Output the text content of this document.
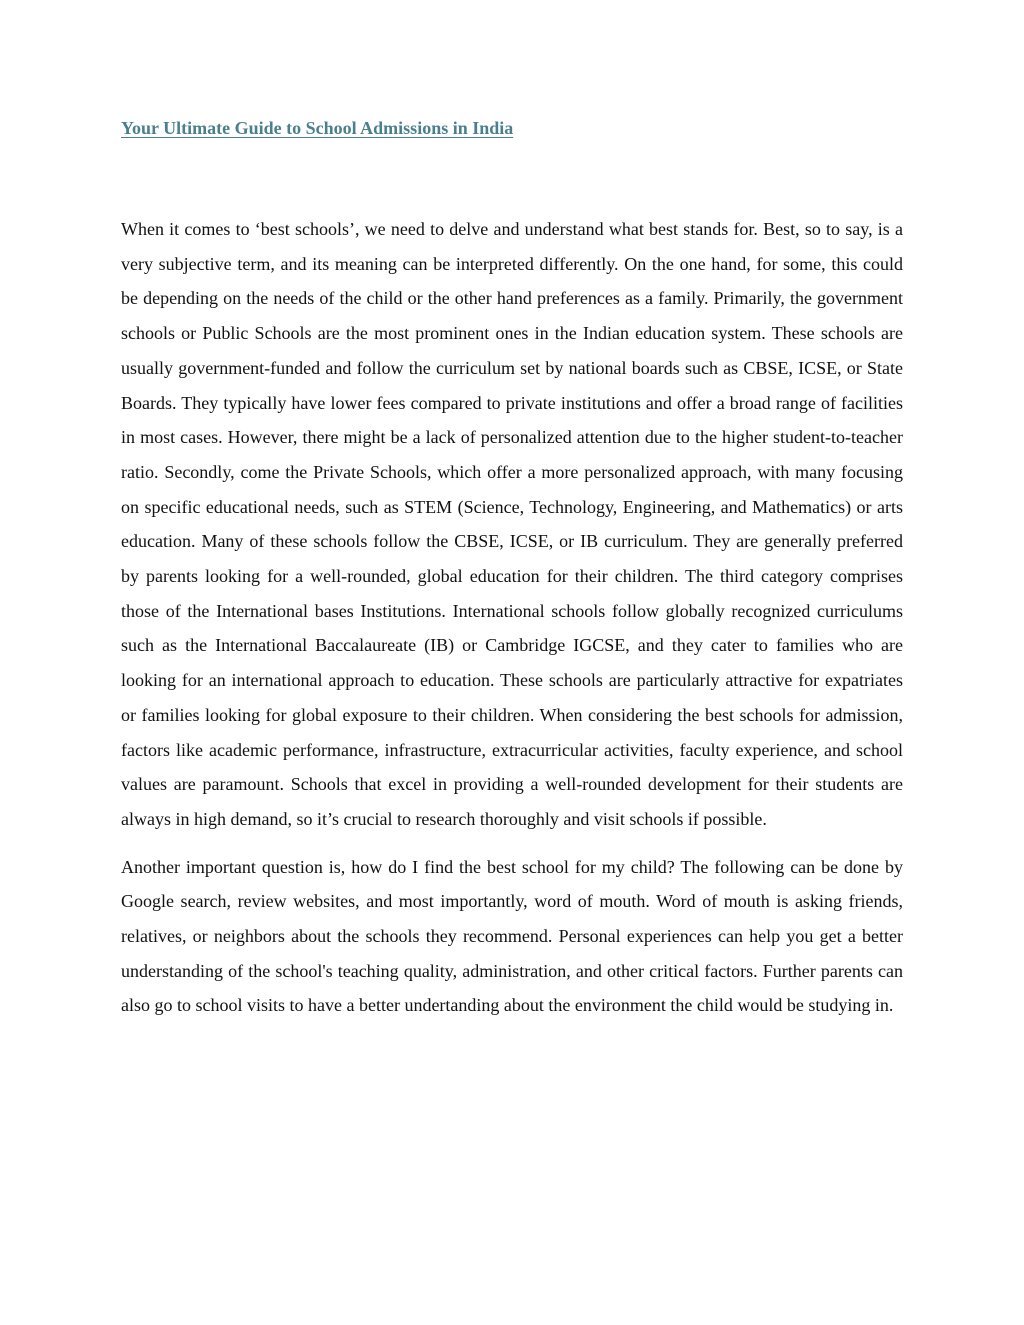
Your Ultimate Guide to School Admissions in India

When it comes to ‘best schools’, we need to delve and understand what best stands for. Best, so to say, is a very subjective term, and its meaning can be interpreted differently. On the one hand, for some, this could be depending on the needs of the child or the other hand preferences as a family. Primarily, the government schools or Public Schools are the most prominent ones in the Indian education system. These schools are usually government-funded and follow the curriculum set by national boards such as CBSE, ICSE, or State Boards. They typically have lower fees compared to private institutions and offer a broad range of facilities in most cases. However, there might be a lack of personalized attention due to the higher student-to-teacher ratio. Secondly, come the Private Schools, which offer a more personalized approach, with many focusing on specific educational needs, such as STEM (Science, Technology, Engineering, and Mathematics) or arts education. Many of these schools follow the CBSE, ICSE, or IB curriculum. They are generally preferred by parents looking for a well-rounded, global education for their children. The third category comprises those of the International bases Institutions. International schools follow globally recognized curriculums such as the International Baccalaureate (IB) or Cambridge IGCSE, and they cater to families who are looking for an international approach to education. These schools are particularly attractive for expatriates or families looking for global exposure to their children. When considering the best schools for admission, factors like academic performance, infrastructure, extracurricular activities, faculty experience, and school values are paramount. Schools that excel in providing a well-rounded development for their students are always in high demand, so it’s crucial to research thoroughly and visit schools if possible.

Another important question is, how do I find the best school for my child? The following can be done by Google search, review websites, and most importantly, word of mouth. Word of mouth is asking friends, relatives, or neighbors about the schools they recommend. Personal experiences can help you get a better understanding of the school's teaching quality, administration, and other critical factors. Further parents can also go to school visits to have a better undertanding about the environment the child would be studying in.
